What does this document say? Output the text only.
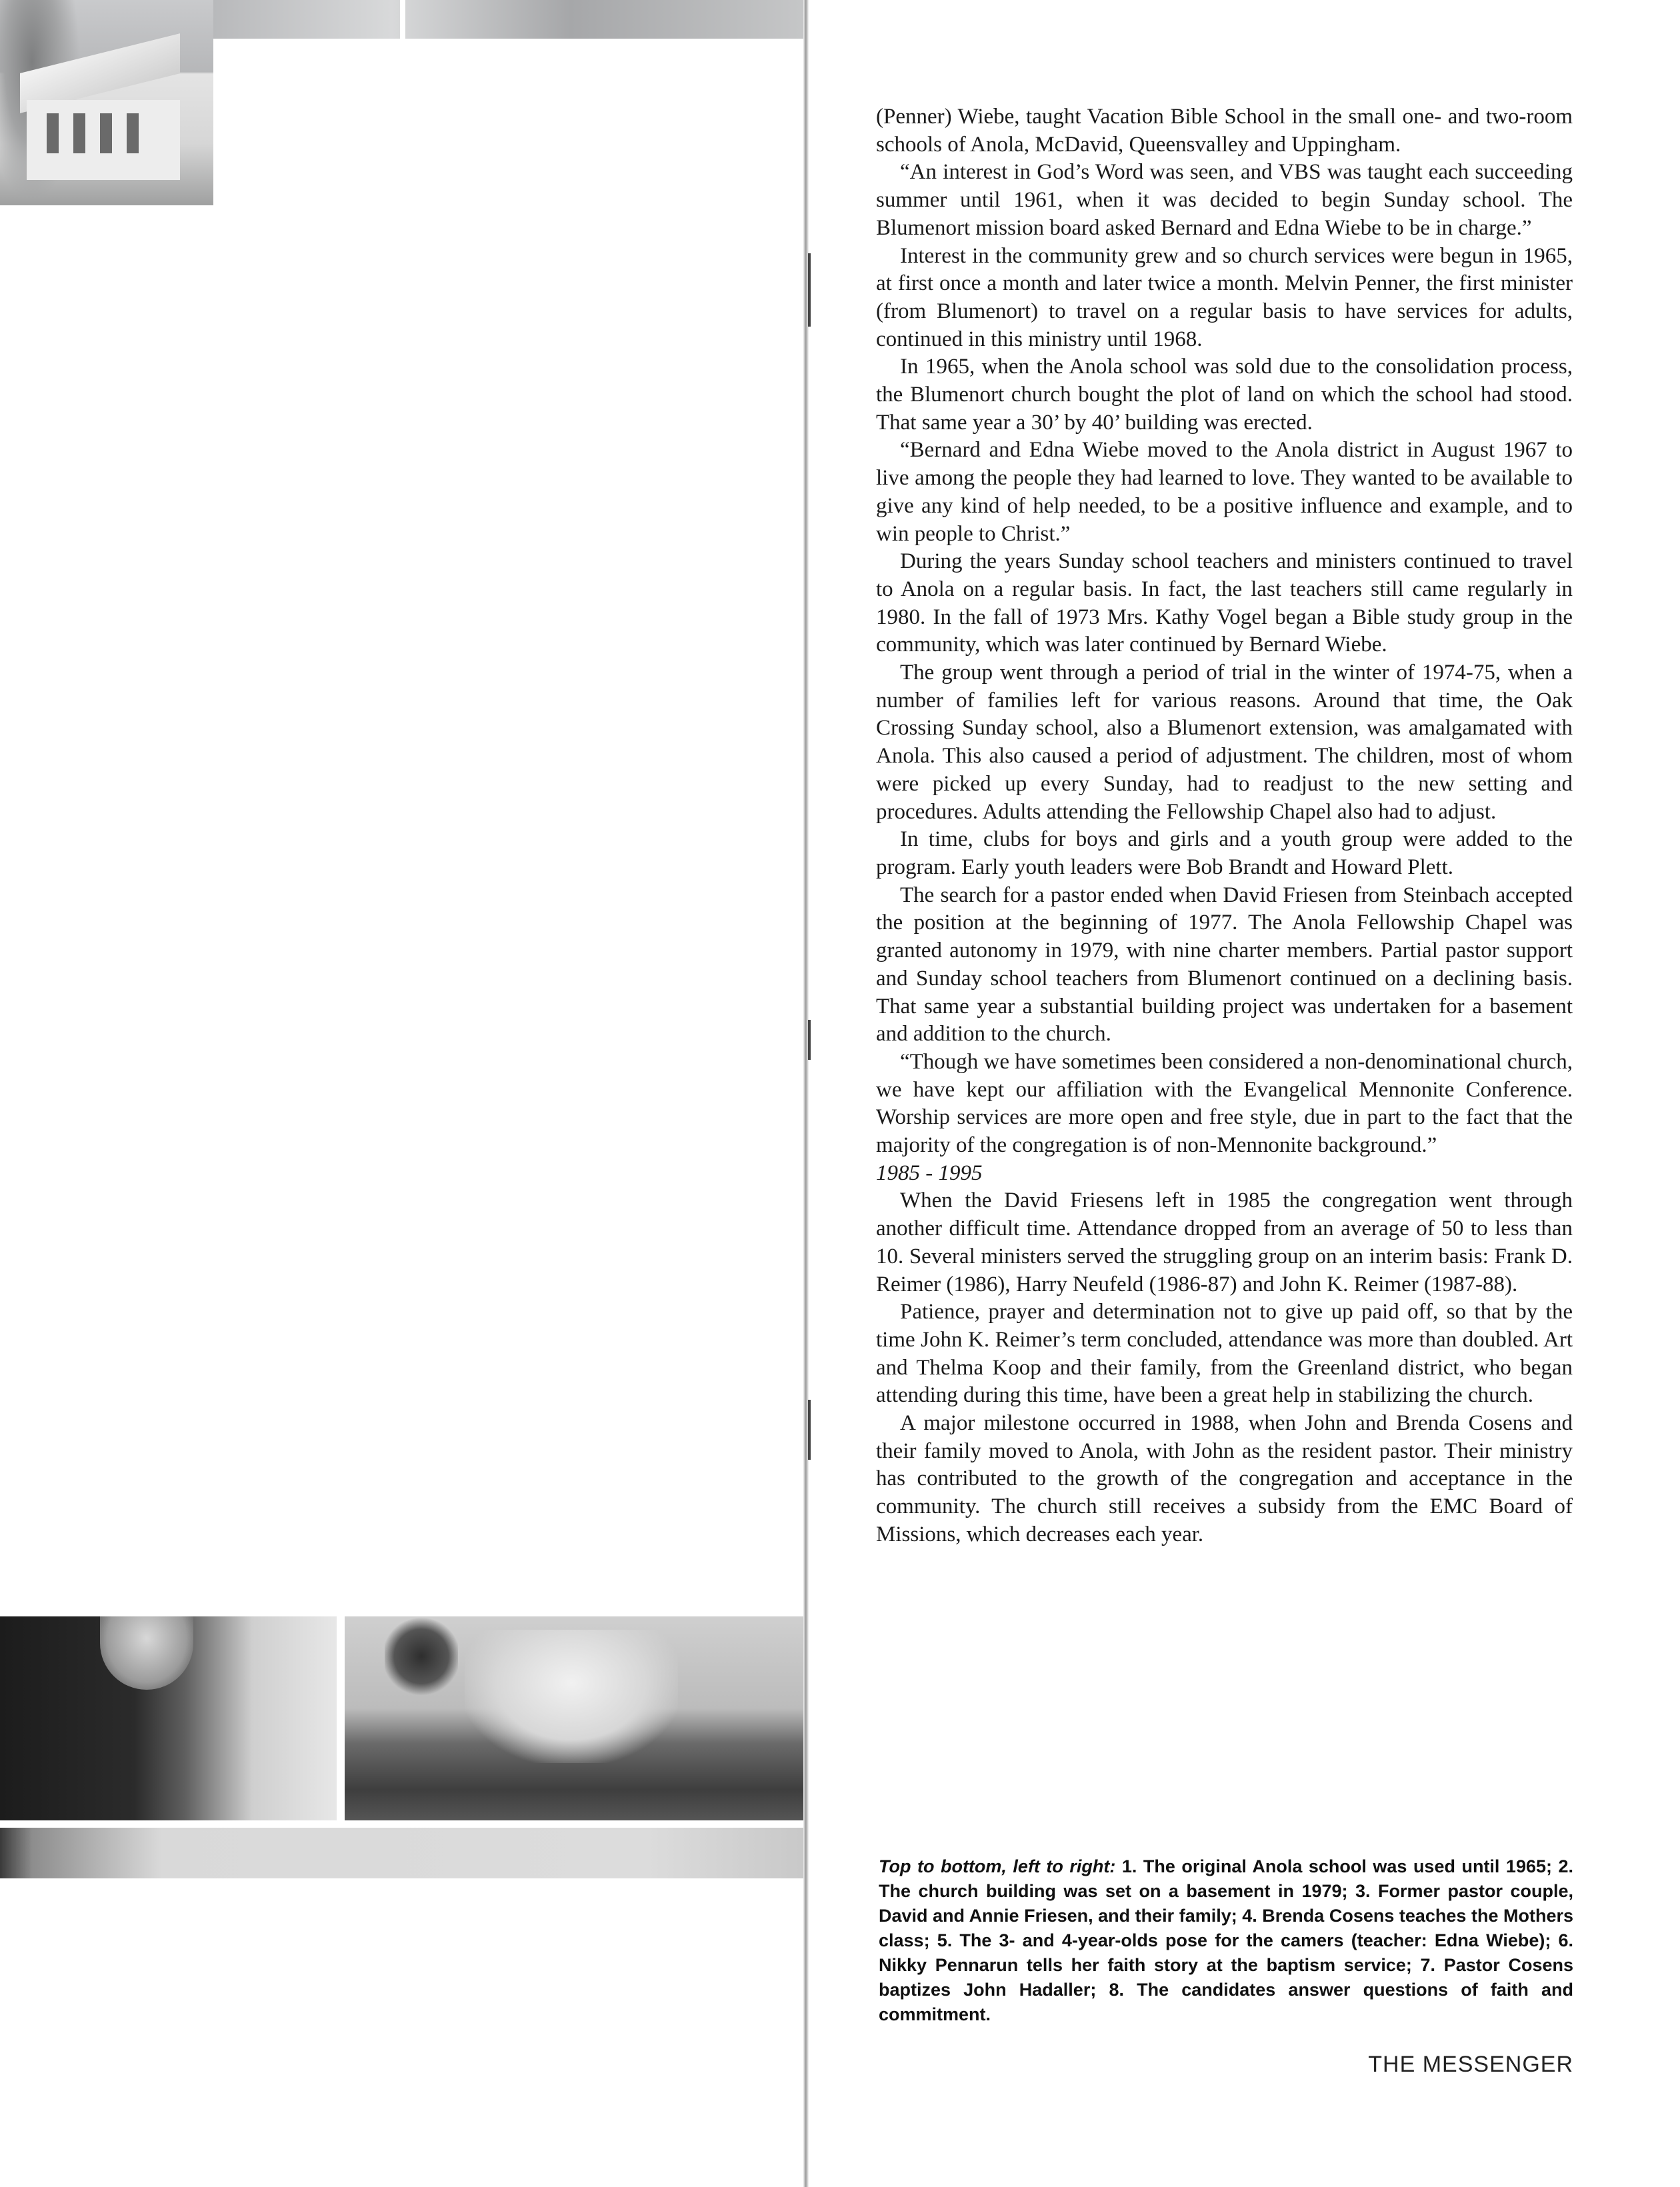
(Penner) Wiebe, taught Vacation Bible School in the small one- and two-room schools of Anola, McDavid, Queensvalley and Uppingham.

“An interest in God’s Word was seen, and VBS was taught each succeeding summer until 1961, when it was decided to begin Sunday school. The Blumenort mission board asked Bernard and Edna Wiebe to be in charge.”

Interest in the community grew and so church services were begun in 1965, at first once a month and later twice a month. Melvin Penner, the first minister (from Blumenort) to travel on a regular basis to have services for adults, continued in this ministry until 1968.

In 1965, when the Anola school was sold due to the consolidation process, the Blumenort church bought the plot of land on which the school had stood. That same year a 30’ by 40’ building was erected.

“Bernard and Edna Wiebe moved to the Anola district in August 1967 to live among the people they had learned to love. They wanted to be available to give any kind of help needed, to be a positive influence and example, and to win people to Christ.”

During the years Sunday school teachers and ministers continued to travel to Anola on a regular basis. In fact, the last teachers still came regularly in 1980. In the fall of 1973 Mrs. Kathy Vogel began a Bible study group in the community, which was later continued by Bernard Wiebe.

The group went through a period of trial in the winter of 1974-75, when a number of families left for various reasons. Around that time, the Oak Crossing Sunday school, also a Blumenort extension, was amalgamated with Anola. This also caused a period of adjustment. The children, most of whom were picked up every Sunday, had to readjust to the new setting and procedures. Adults attending the Fellowship Chapel also had to adjust.

In time, clubs for boys and girls and a youth group were added to the program. Early youth leaders were Bob Brandt and Howard Plett.

The search for a pastor ended when David Friesen from Steinbach accepted the position at the beginning of 1977. The Anola Fellowship Chapel was granted autonomy in 1979, with nine charter members. Partial pastor support and Sunday school teachers from Blumenort continued on a declining basis. That same year a substantial building project was undertaken for a basement and addition to the church.

“Though we have sometimes been considered a non-denominational church, we have kept our affiliation with the Evangelical Mennonite Conference. Worship services are more open and free style, due in part to the fact that the majority of the congregation is of non-Mennonite background.”

1985 - 1995

When the David Friesens left in 1985 the congregation went through another difficult time. Attendance dropped from an average of 50 to less than 10. Several ministers served the struggling group on an interim basis: Frank D. Reimer (1986), Harry Neufeld (1986-87) and John K. Reimer (1987-88).

Patience, prayer and determination not to give up paid off, so that by the time John K. Reimer’s term concluded, attendance was more than doubled. Art and Thelma Koop and their family, from the Greenland district, who began attending during this time, have been a great help in stabilizing the church.

A major milestone occurred in 1988, when John and Brenda Cosens and their family moved to Anola, with John as the resident pastor. Their ministry has contributed to the growth of the congregation and acceptance in the community. The church still receives a subsidy from the EMC Board of Missions, which decreases each year.

Top to bottom, left to right: 1. The original Anola school was used until 1965; 2. The church building was set on a basement in 1979; 3. Former pastor couple, David and Annie Friesen, and their family; 4. Brenda Cosens teaches the Mothers class; 5. The 3- and 4-year-olds pose for the camers (teacher: Edna Wiebe); 6. Nikky Pennarun tells her faith story at the baptism service; 7. Pastor Cosens baptizes John Hadaller; 8. The candidates answer questions of faith and commitment.
THE MESSENGER
